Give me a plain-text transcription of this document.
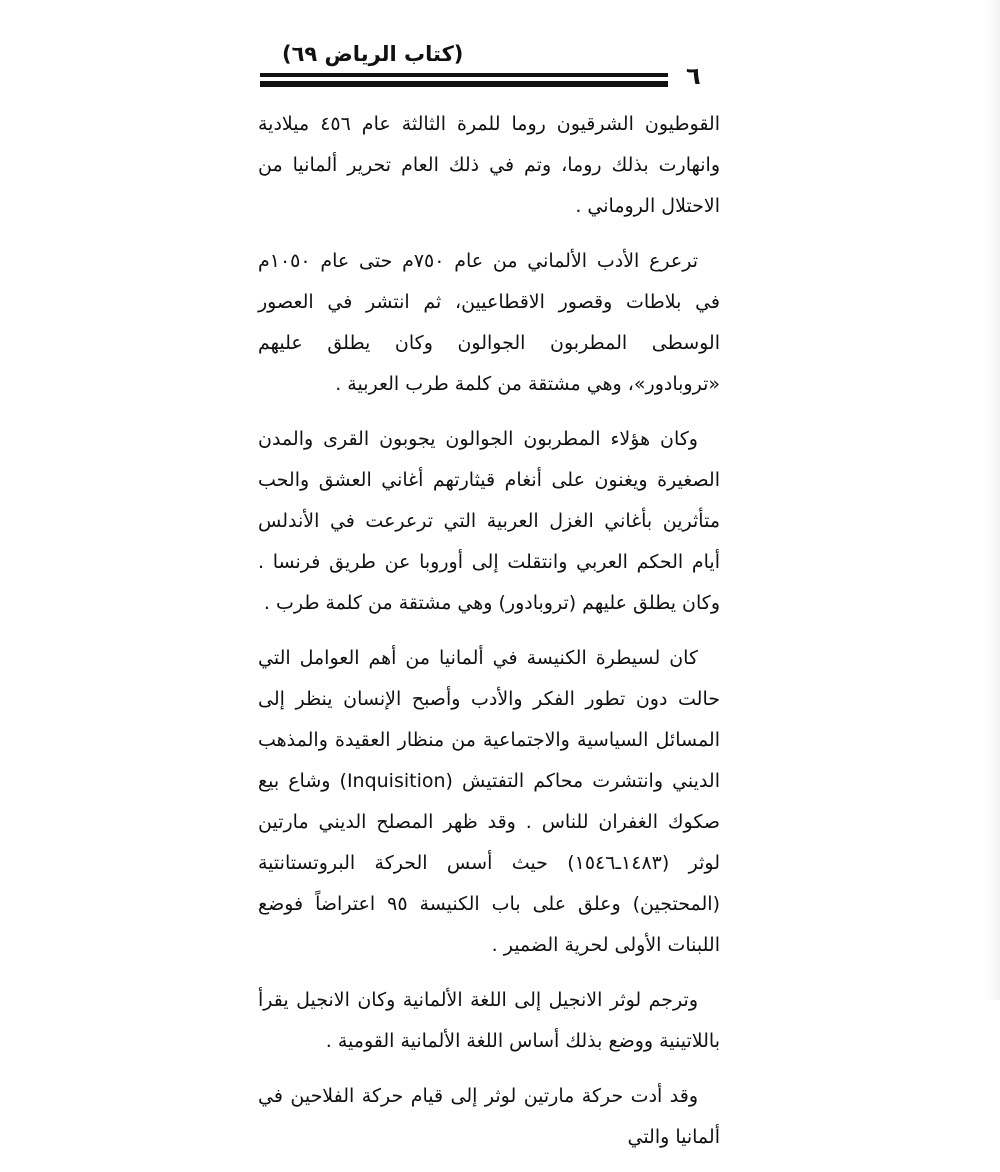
(كتاب الرياض ٦٩)
٦

القوطيون الشرقيون روما للمرة الثالثة عام ٤٥٦ ميلادية وانهارت بذلك روما، وتم في ذلك العام تحرير ألمانيا من الاحتلال الروماني .

ترعرع الأدب الألماني من عام ٧٥٠م حتى عام ١٠٥٠م في بلاطات وقصور الاقطاعيين، ثم انتشر في العصور الوسطى المطربون الجوالون وكان يطلق عليهم «تروبادور»، وهي مشتقة من كلمة طرب العربية .

وكان هؤلاء المطربون الجوالون يجوبون القرى والمدن الصغيرة ويغنون على أنغام قيثارتهم أغاني العشق والحب متأثرين بأغاني الغزل العربية التي ترعرعت في الأندلس أيام الحكم العربي وانتقلت إلى أوروبا عن طريق فرنسا . وكان يطلق عليهم (تروبادور) وهي مشتقة من كلمة طرب .

كان لسيطرة الكنيسة في ألمانيا من أهم العوامل التي حالت دون تطور الفكر والأدب وأصبح الإنسان ينظر إلى المسائل السياسية والاجتماعية من منظار العقيدة والمذهب الديني وانتشرت محاكم التفتيش (Inquisition) وشاع بيع صكوك الغفران للناس . وقد ظهر المصلح الديني مارتين لوثر (١٤٨٣ـ١٥٤٦) حيث أسس الحركة البروتستانتية (المحتجين) وعلق على باب الكنيسة ٩٥ اعتراضاً فوضع اللبنات الأولى لحرية الضمير .

وترجم لوثر الانجيل إلى اللغة الألمانية وكان الانجيل يقرأ باللاتينية ووضع بذلك أساس اللغة الألمانية القومية .

وقد أدت حركة مارتين لوثر إلى قيام حركة الفلاحين في ألمانيا والتي
